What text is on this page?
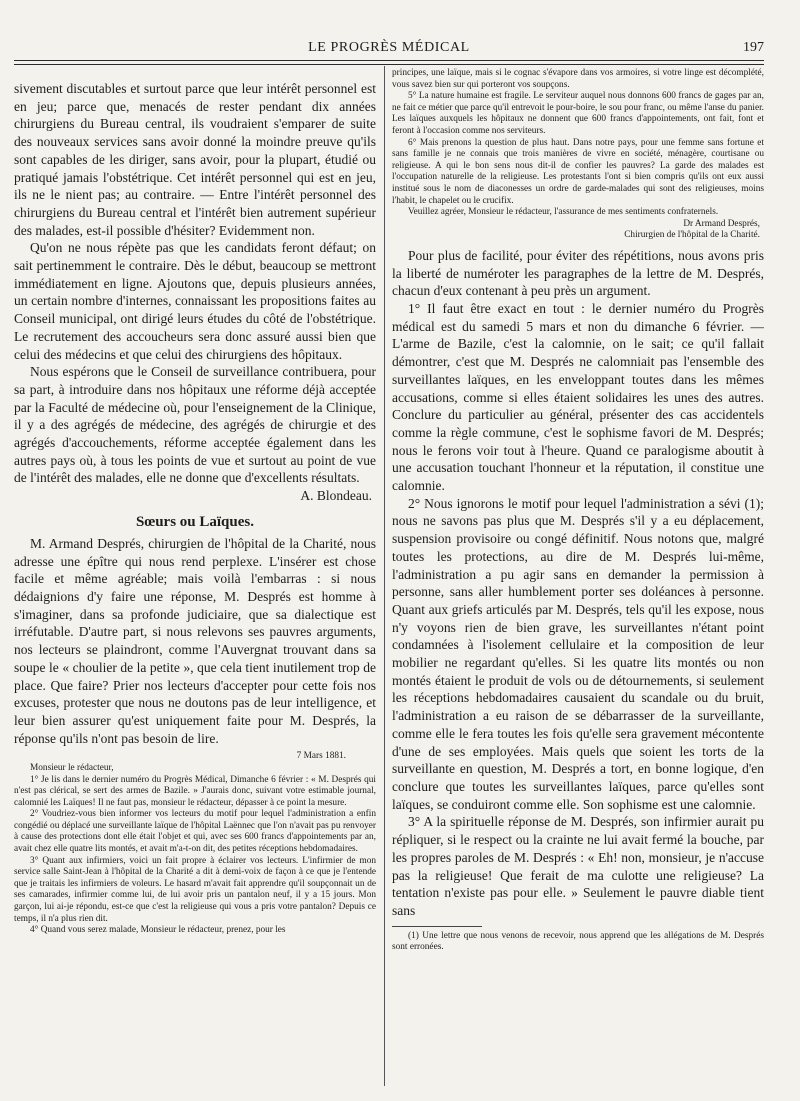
LE PROGRÈS MÉDICAL	197

sivement discutables et surtout parce que leur intérêt personnel est en jeu; parce que, menacés de rester pendant dix années chirurgiens du Bureau central, ils voudraient s'emparer de suite des nouveaux services sans avoir donné la moindre preuve qu'ils sont capables de les diriger, sans avoir, pour la plupart, étudié ou pratiqué jamais l'obstétrique. Cet intérêt personnel qui est en jeu, ils ne le nient pas; au contraire. — Entre l'intérêt personnel des chirurgiens du Bureau central et l'intérêt bien autrement supérieur des malades, est-il possible d'hésiter? Evidemment non.

Qu'on ne nous répète pas que les candidats feront défaut; on sait pertinemment le contraire. Dès le début, beaucoup se mettront immédiatement en ligne. Ajoutons que, depuis plusieurs années, un certain nombre d'internes, connaissant les propositions faites au Conseil municipal, ont dirigé leurs études du côté de l'obstétrique. Le recrutement des accoucheurs sera donc assuré aussi bien que celui des médecins et que celui des chirurgiens des hôpitaux.

Nous espérons que le Conseil de surveillance contribuera, pour sa part, à introduire dans nos hôpitaux une réforme déjà acceptée par la Faculté de médecine où, pour l'enseignement de la Clinique, il y a des agrégés de médecine, des agrégés de chirurgie et des agrégés d'accouchements, réforme acceptée également dans les autres pays où, à tous les points de vue et surtout au point de vue de l'intérêt des malades, elle ne donne que d'excellents résultats.

A. Blondeau.

Sœurs ou Laïques.

M. Armand Després, chirurgien de l'hôpital de la Charité, nous adresse une épître qui nous rend perplexe. L'insérer est chose facile et même agréable; mais voilà l'embarras : si nous dédaignions d'y faire une réponse, M. Després est homme à s'imaginer, dans sa profonde judiciaire, que sa dialectique est irréfutable. D'autre part, si nous relevons ses pauvres arguments, nos lecteurs se plaindront, comme l'Auvergnat trouvant dans sa soupe le « choulier de la petite », que cela tient inutilement trop de place. Que faire? Prier nos lecteurs d'accepter pour cette fois nos excuses, protester que nous ne doutons pas de leur intelligence, et leur bien assurer qu'est uniquement faite pour M. Després, la réponse qu'ils n'ont pas besoin de lire.

7 Mars 1881.

Monsieur le rédacteur,

1° Je lis dans le dernier numéro du Progrès Médical, Dimanche 6 février : « M. Després qui n'est pas clérical, se sert des armes de Bazile. » J'aurais donc, suivant votre estimable journal, calomnié les Laïques! Il ne faut pas, monsieur le rédacteur, dépasser à ce point la mesure.

2° Voudriez-vous bien informer vos lecteurs du motif pour lequel l'administration a enfin congédié ou déplacé une surveillante laïque de l'hôpital Laënnec que l'on n'avait pas pu renvoyer à cause des protections dont elle était l'objet et qui, avec ses 600 francs d'appointements par an, avait chez elle quatre lits montés, et avait m'a-t-on dit, des petites réceptions hebdomadaires.

3° Quant aux infirmiers, voici un fait propre à éclairer vos lecteurs. L'infirmier de mon service salle Saint-Jean à l'hôpital de la Charité a dit à demi-voix de façon à ce que je l'entende que je traitais les infirmiers de voleurs. Le hasard m'avait fait apprendre qu'il soupçonnait un de ses camarades, infirmier comme lui, de lui avoir pris un pantalon neuf, il y a 15 jours. Mon garçon, lui ai-je répondu, est-ce que c'est la religieuse qui vous a pris votre pantalon? Depuis ce temps, il n'a plus rien dit.

4° Quand vous serez malade, Monsieur le rédacteur, prenez, pour les

principes, une laïque, mais si le cognac s'évapore dans vos armoires, si votre linge est décomplété, vous savez bien sur qui porteront vos soupçons.

5° La nature humaine est fragile. Le serviteur auquel nous donnons 600 francs de gages par an, ne fait ce métier que parce qu'il entrevoit le pour-boire, le sou pour franc, ou même l'anse du panier. Les laïques auxquels les hôpitaux ne donnent que 600 francs d'appointements, ont fait, font et feront à l'occasion comme nos serviteurs.

6° Mais prenons la question de plus haut. Dans notre pays, pour une femme sans fortune et sans famille je ne connais que trois manières de vivre en société, ménagère, courtisane ou religieuse. A qui le bon sens nous dit-il de confier les pauvres? La garde des malades est l'occupation naturelle de la religieuse. Les protestants l'ont si bien compris qu'ils ont eux aussi institué sous le nom de diaconesses un ordre de garde-malades qui sont des religieuses, moins l'habit, le chapelet ou le crucifix.

Veuillez agréer, Monsieur le rédacteur, l'assurance de mes sentiments confraternels.

Dr Armand Després,

Chirurgien de l'hôpital de la Charité.

Pour plus de facilité, pour éviter des répétitions, nous avons pris la liberté de numéroter les paragraphes de la lettre de M. Després, chacun d'eux contenant à peu près un argument.

1° Il faut être exact en tout : le dernier numéro du Progrès médical est du samedi 5 mars et non du dimanche 6 février. — L'arme de Bazile, c'est la calomnie, on le sait; ce qu'il fallait démontrer, c'est que M. Després ne calomniait pas l'ensemble des surveillantes laïques, en les enveloppant toutes dans les mêmes accusations, comme si elles étaient solidaires les unes des autres. Conclure du particulier au général, présenter des cas accidentels comme la règle commune, c'est le sophisme favori de M. Després; nous le ferons voir tout à l'heure. Quand ce paralogisme aboutit à une accusation touchant l'honneur et la réputation, il constitue une calomnie.

2° Nous ignorons le motif pour lequel l'administration a sévi (1); nous ne savons pas plus que M. Després s'il y a eu déplacement, suspension provisoire ou congé définitif. Nous notons que, malgré toutes les protections, au dire de M. Després lui-même, l'administration a pu agir sans en demander la permission à personne, sans aller humblement porter ses doléances à personne. Quant aux griefs articulés par M. Després, tels qu'il les expose, nous n'y voyons rien de bien grave, les surveillantes n'étant point condamnées à l'isolement cellulaire et la composition de leur mobilier ne regardant qu'elles. Si les quatre lits montés ou non montés étaient le produit de vols ou de détournements, si seulement les réceptions hebdomadaires causaient du scandale ou du bruit, l'administration a eu raison de se débarrasser de la surveillante, comme elle le fera toutes les fois qu'elle sera gravement mécontente d'une de ses employées. Mais quels que soient les torts de la surveillante en question, M. Després a tort, en bonne logique, d'en conclure que toutes les surveillantes laïques, parce qu'elles sont laïques, se conduiront comme elle. Son sophisme est une calomnie.

3° A la spirituelle réponse de M. Després, son infirmier aurait pu répliquer, si le respect ou la crainte ne lui avait fermé la bouche, par les propres paroles de M. Després : « Eh! non, monsieur, je n'accuse pas la religieuse! Que ferait de ma culotte une religieuse? La tentation n'existe pas pour elle. » Seulement le pauvre diable tient sans

(1) Une lettre que nous venons de recevoir, nous apprend que les allégations de M. Després sont erronées.
